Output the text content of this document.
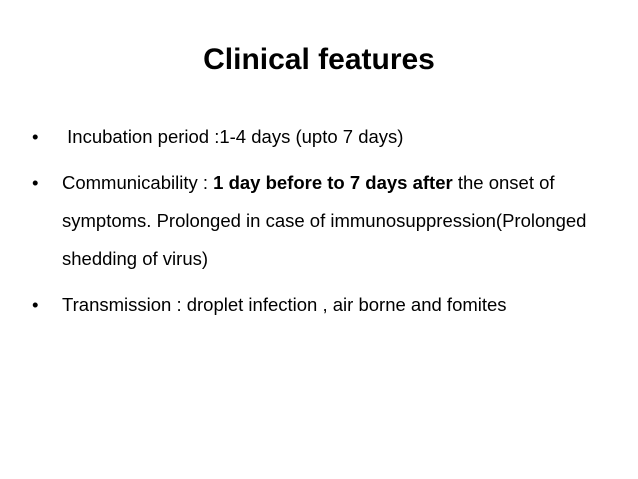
Clinical features
•	Incubation period :1-4 days (upto 7 days)
•	Communicability : 1 day before to 7 days after the onset of symptoms. Prolonged in case of immunosuppression(Prolonged shedding of virus)
•	Transmission : droplet infection , air borne and fomites
